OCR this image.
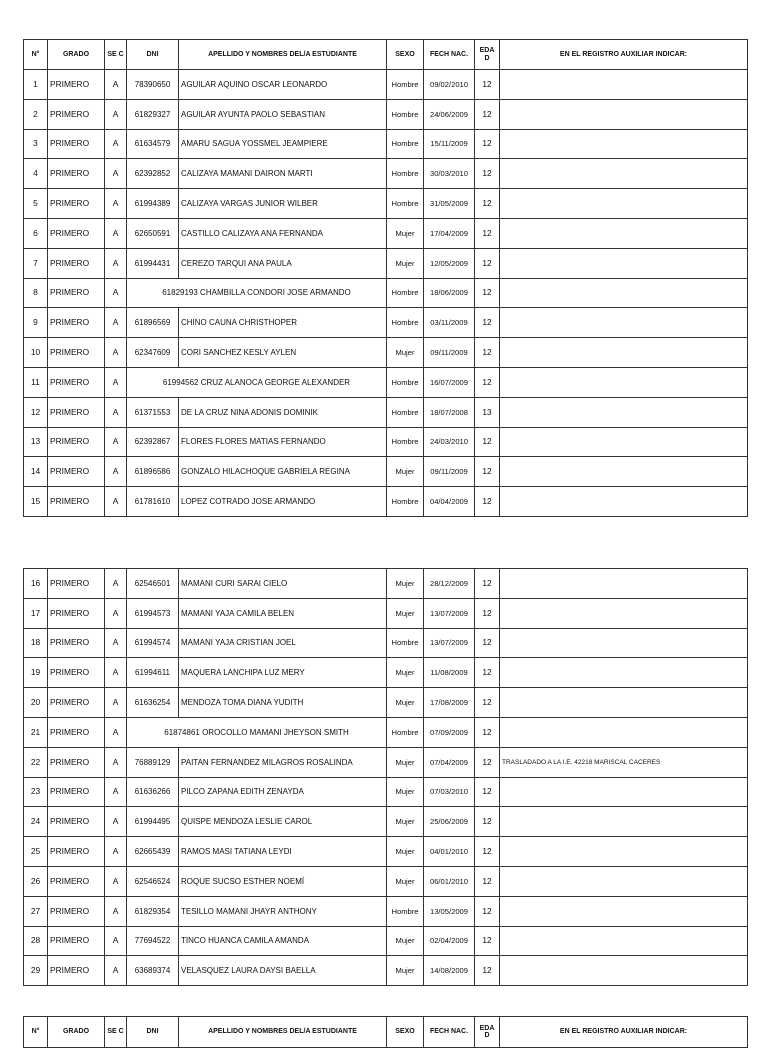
N°	GRADO	SE C	DNI	APELLIDO Y NOMBRES DEL/A ESTUDIANTE	SEXO	FECH NAC.	EDA D	EN EL REGISTRO AUXILIAR INDICAR:
1	PRIMERO	A	78390650	AGUILAR AQUINO OSCAR LEONARDO	Hombre	09/02/2010	12	
2	PRIMERO	A	61829327	AGUILAR AYUNTA PAOLO SEBASTIAN	Hombre	24/06/2009	12	
3	PRIMERO	A	61634579	AMARU SAGUA YOSSMEL JEAMPIERE	Hombre	15/11/2009	12	
4	PRIMERO	A	62392852	CALIZAYA MAMANI DAIRON MARTI	Hombre	30/03/2010	12	
5	PRIMERO	A	61994389	CALIZAYA VARGAS JUNIOR WILBER	Hombre	31/05/2009	12	
6	PRIMERO	A	62650591	CASTILLO CALIZAYA ANA FERNANDA	Mujer	17/04/2009	12	
7	PRIMERO	A	61994431	CEREZO TARQUI ANA PAULA	Mujer	12/05/2009	12	
8	PRIMERO	A	61829193 CHAMBILLA CONDORI JOSE ARMANDO		Hombre	18/06/2009	12	
9	PRIMERO	A	61896569	CHINO CAUNA CHRISTHOPER	Hombre	03/11/2009	12	
10	PRIMERO	A	62347609	CORI SANCHEZ KESLY AYLEN	Mujer	09/11/2009	12	
11	PRIMERO	A	61994562 CRUZ ALANOCA GEORGE ALEXANDER		Hombre	16/07/2009	12	
12	PRIMERO	A	61371553	DE LA CRUZ NINA ADONIS DOMINIK	Hombre	18/07/2008	13	
13	PRIMERO	A	62392867	FLORES FLORES MATIAS FERNANDO	Hombre	24/03/2010	12	
14	PRIMERO	A	61896586	GONZALO HILACHOQUE GABRIELA REGINA	Mujer	09/11/2009	12	
15	PRIMERO	A	61781610	LOPEZ COTRADO JOSE ARMANDO	Hombre	04/04/2009	12	
16	PRIMERO	A	62546501	MAMANI CURI SARAI CIELO	Mujer	28/12/2009	12	
17	PRIMERO	A	61994573	MAMANI YAJA CAMILA BELEN	Mujer	13/07/2009	12	
18	PRIMERO	A	61994574	MAMANI YAJA CRISTIAN JOEL	Hombre	13/07/2009	12	
19	PRIMERO	A	61994611	MAQUERA LANCHIPA LUZ MERY	Mujer	11/08/2009	12	
20	PRIMERO	A	61636254	MENDOZA TOMA DIANA YUDITH	Mujer	17/08/2009	12	
21	PRIMERO	A	61874861 OROCOLLO MAMANI JHEYSON SMITH		Hombre	07/09/2009	12	
22	PRIMERO	A	76889129	PAITAN FERNANDEZ MILAGROS ROSALINDA	Mujer	07/04/2009	12	TRASLADADO A LA I.E. 42218 MARISCAL CACERES
23	PRIMERO	A	61636266	PILCO ZAPANA EDITH ZENAYDA	Mujer	07/03/2010	12	
24	PRIMERO	A	61994495	QUISPE MENDOZA LESLIE CAROL	Mujer	25/06/2009	12	
25	PRIMERO	A	62665439	RAMOS MASI TATIANA LEYDI	Mujer	04/01/2010	12	
26	PRIMERO	A	62546524	ROQUE SUCSO ESTHER NOEMÍ	Mujer	06/01/2010	12	
27	PRIMERO	A	61829354	TESILLO MAMANI JHAYR ANTHONY	Hombre	13/05/2009	12	
28	PRIMERO	A	77694522	TINCO HUANCA CAMILA AMANDA	Mujer	02/04/2009	12	
29	PRIMERO	A	63689374	VELASQUEZ LAURA DAYSI BAELLA	Mujer	14/08/2009	12	
N°	GRADO	SE C	DNI	APELLIDO Y NOMBRES DEL/A ESTUDIANTE	SEXO	FECH NAC.	EDA D	EN EL REGISTRO AUXILIAR INDICAR:
